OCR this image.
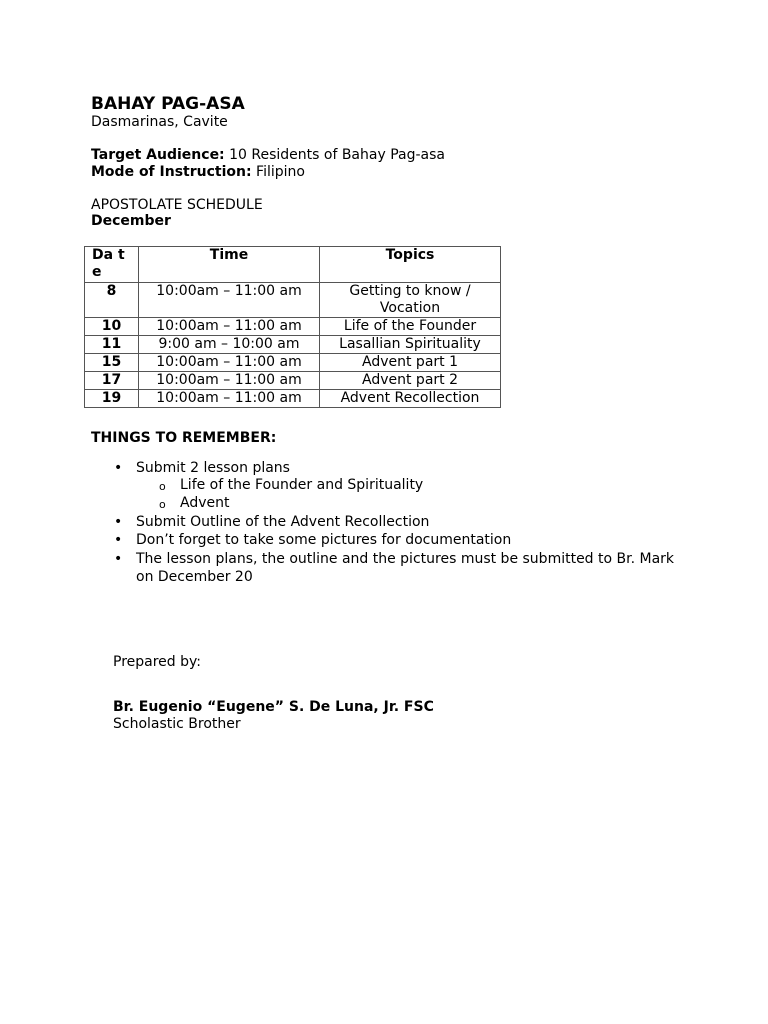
BAHAY PAG-ASA
Dasmarinas, Cavite
Target Audience: 10 Residents of Bahay Pag-asa
Mode of Instruction: Filipino
APOSTOLATE SCHEDULE
December
Da te	Time	Topics
8	10:00am – 11:00 am	Getting to know / Vocation
10	10:00am – 11:00 am	Life of the Founder
11	9:00 am – 10:00 am	Lasallian Spirituality
15	10:00am – 11:00 am	Advent part 1
17	10:00am – 11:00 am	Advent part 2
19	10:00am – 11:00 am	Advent Recollection
THINGS TO REMEMBER:
• Submit 2 lesson plans
o Life of the Founder and Spirituality
o Advent
• Submit Outline of the Advent Recollection
• Don’t forget to take some pictures for documentation
• The lesson plans, the outline and the pictures must be submitted to Br. Mark
on December 20
Prepared by:
Br. Eugenio “Eugene” S. De Luna, Jr. FSC
Scholastic Brother
